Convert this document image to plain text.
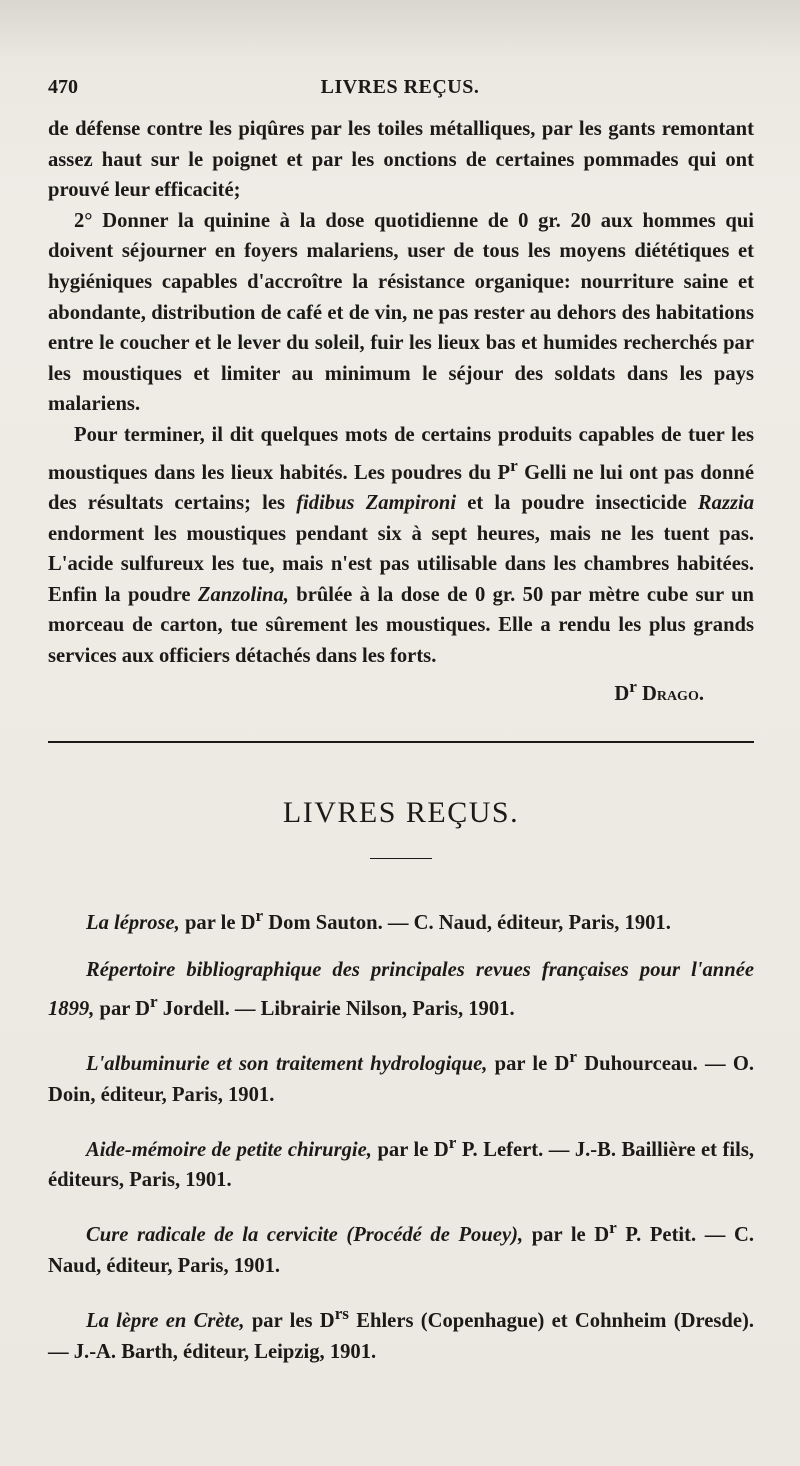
470	LIVRES REÇUS.

de défense contre les piqûres par les toiles métalliques, par les gants remontant assez haut sur le poignet et par les onctions de certaines pommades qui ont prouvé leur efficacité;

2° Donner la quinine à la dose quotidienne de 0 gr. 20 aux hommes qui doivent séjourner en foyers malariens, user de tous les moyens diététiques et hygiéniques capables d'accroître la résistance organique: nourriture saine et abondante, distribution de café et de vin, ne pas rester au dehors des habitations entre le coucher et le lever du soleil, fuir les lieux bas et humides recherchés par les moustiques et limiter au minimum le séjour des soldats dans les pays malariens.

Pour terminer, il dit quelques mots de certains produits capables de tuer les moustiques dans les lieux habités. Les poudres du $P^r$ Gelli ne lui ont pas donné des résultats certains; les fidibus Zampironi et la poudre insecticide Razzia endorment les moustiques pendant six à sept heures, mais ne les tuent pas. L'acide sulfureux les tue, mais n'est pas utilisable dans les chambres habitées. Enfin la poudre Zanzolina, brûlée à la dose de 0 gr. 50 par mètre cube sur un morceau de carton, tue sûrement les moustiques. Elle a rendu les plus grands services aux officiers détachés dans les forts.

$D^r$ Drago.

LIVRES REÇUS.

La léprose, par le $D^r$ Dom Sauton. — C. Naud, éditeur, Paris, 1901.

Répertoire bibliographique des principales revues françaises pour l'année 1899, par $D^r$ Jordell. — Librairie Nilson, Paris, 1901.

L'albuminurie et son traitement hydrologique, par le $D^r$ Duhourceau. — O. Doin, éditeur, Paris, 1901.

Aide-mémoire de petite chirurgie, par le $D^r$ P. Lefert. — J.-B. Baillière et fils, éditeurs, Paris, 1901.

Cure radicale de la cervicite (Procédé de Pouey), par le $D^r$ P. Petit. — C. Naud, éditeur, Paris, 1901.

La lèpre en Crète, par les $D^{rs}$ Ehlers (Copenhague) et Cohnheim (Dresde). — J.-A. Barth, éditeur, Leipzig, 1901.
